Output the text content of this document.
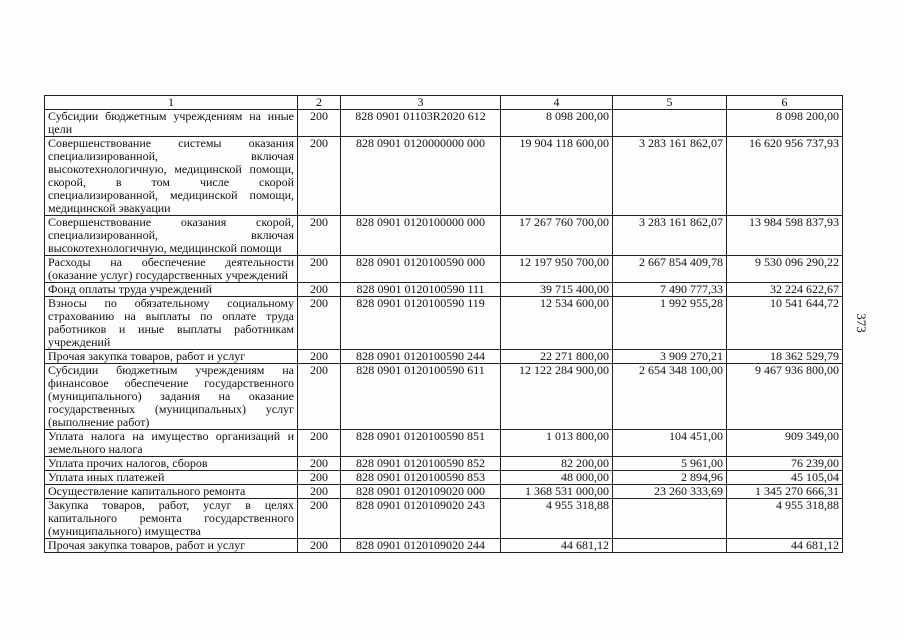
1	2	3	4	5	6
Субсидии бюджетным учреждениям на иные цели	200	828 0901 01103R2020 612	8 098 200,00		8 098 200,00
Совершенствование системы оказания специализированной, включая высокотехнологичную, медицинской помощи, скорой, в том числе скорой специализированной, медицинской помощи, медицинской эвакуации	200	828 0901 0120000000 000	19 904 118 600,00	3 283 161 862,07	16 620 956 737,93
Совершенствование оказания скорой, специализированной, включая высокотехнологичную, медицинской помощи	200	828 0901 0120100000 000	17 267 760 700,00	3 283 161 862,07	13 984 598 837,93
Расходы на обеспечение деятельности (оказание услуг) государственных учреждений	200	828 0901 0120100590 000	12 197 950 700,00	2 667 854 409,78	9 530 096 290,22
Фонд оплаты труда учреждений	200	828 0901 0120100590 111	39 715 400,00	7 490 777,33	32 224 622,67
Взносы по обязательному социальному страхованию на выплаты по оплате труда работников и иные выплаты работникам учреждений	200	828 0901 0120100590 119	12 534 600,00	1 992 955,28	10 541 644,72
Прочая закупка товаров, работ и услуг	200	828 0901 0120100590 244	22 271 800,00	3 909 270,21	18 362 529,79
Субсидии бюджетным учреждениям на финансовое обеспечение государственного (муниципального) задания на оказание государственных (муниципальных) услуг (выполнение работ)	200	828 0901 0120100590 611	12 122 284 900,00	2 654 348 100,00	9 467 936 800,00
Уплата налога на имущество организаций и земельного налога	200	828 0901 0120100590 851	1 013 800,00	104 451,00	909 349,00
Уплата прочих налогов, сборов	200	828 0901 0120100590 852	82 200,00	5 961,00	76 239,00
Уплата иных платежей	200	828 0901 0120100590 853	48 000,00	2 894,96	45 105,04
Осуществление капитального ремонта	200	828 0901 0120109020 000	1 368 531 000,00	23 260 333,69	1 345 270 666,31
Закупка товаров, работ, услуг в целях капитального ремонта государственного (муниципального) имущества	200	828 0901 0120109020 243	4 955 318,88		4 955 318,88
Прочая закупка товаров, работ и услуг	200	828 0901 0120109020 244	44 681,12		44 681,12
373
